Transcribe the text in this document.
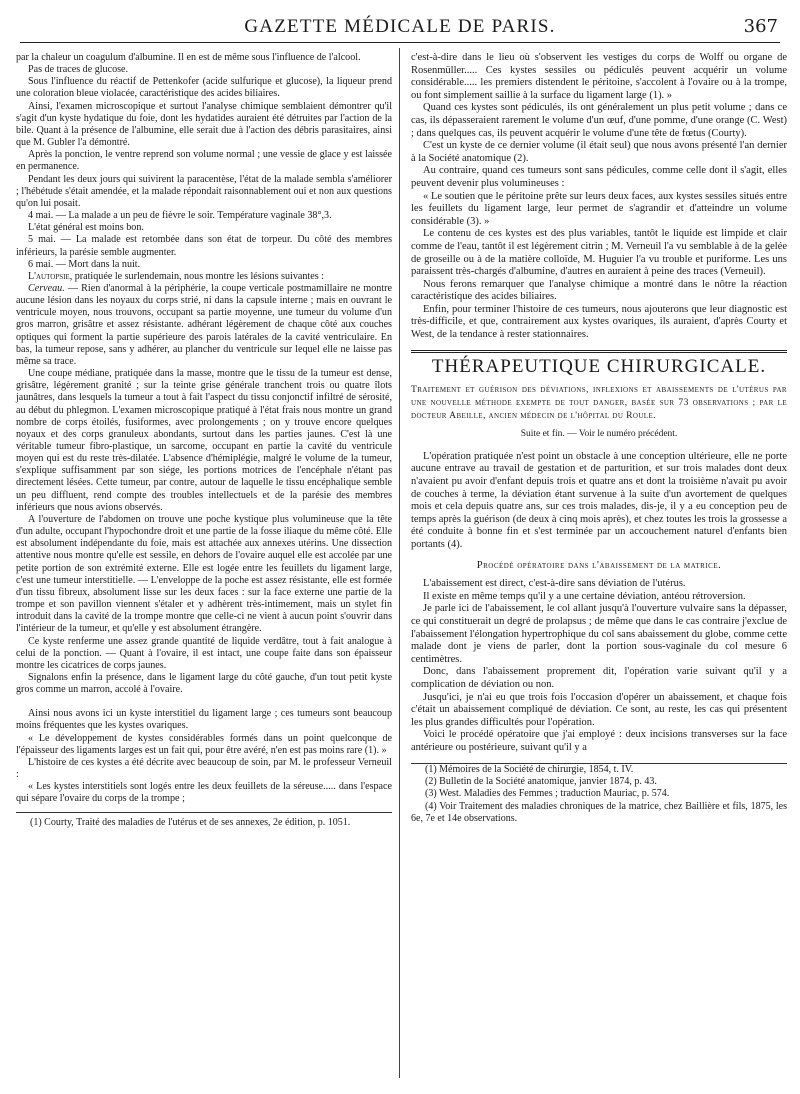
GAZETTE MÉDICALE DE PARIS.	367

par la chaleur un coagulum d'albumine. Il en est de même sous l'influence de l'alcool.

Pas de traces de glucose.

Sous l'influence du réactif de Pettenkofer (acide sulfurique et glucose), la liqueur prend une coloration bleue violacée, caractéristique des acides biliaires.

Ainsi, l'examen microscopique et surtout l'analyse chimique semblaient démontrer qu'il s'agit d'un kyste hydatique du foie, dont les hydatides auraient été détruites par l'action de la bile. Quant à la présence de l'albumine, elle serait due à l'action des débris parasitaires, ainsi que M. Gubler l'a démontré.

Après la ponction, le ventre reprend son volume normal ; une vessie de glace y est laissée en permanence.

Pendant les deux jours qui suivirent la paracentèse, l'état de la malade sembla s'améliorer ; l'hébétude s'était amendée, et la malade répondait raisonnablement oui et non aux questions qu'on lui posait.

4 mai. — La malade a un peu de fièvre le soir. Température vaginale 38°,3.

L'état général est moins bon.

5 mai. — La malade est retombée dans son état de torpeur. Du côté des membres inférieurs, la parésie semble augmenter.

6 mai. — Mort dans la nuit.

L'autopsie, pratiquée le surlendemain, nous montre les lésions suivantes :

Cerveau. — Rien d'anormal à la périphérie, la coupe verticale postmamillaire ne montre aucune lésion dans les noyaux du corps strié, ni dans la capsule interne ; mais en ouvrant le ventricule moyen, nous trouvons, occupant sa partie moyenne, une tumeur du volume d'un gros marron, grisâtre et assez résistante. adhérant légèrement de chaque côté aux couches optiques qui forment la partie supérieure des parois latérales de la cavité ventriculaire. En bas, la tumeur repose, sans y adhérer, au plancher du ventricule sur lequel elle ne laisse pas même sa trace.

Une coupe médiane, pratiquée dans la masse, montre que le tissu de la tumeur est dense, grisâtre, légèrement granité ; sur la teinte grise générale tranchent trois ou quatre îlots jaunâtres, dans lesquels la tumeur a tout à fait l'aspect du tissu conjonctif infiltré de sérosité, au début du phlegmon. L'examen microscopique pratiqué à l'état frais nous montre un grand nombre de corps étoilés, fusiformes, avec prolongements ; on y trouve encore quelques noyaux et des corps granuleux abondants, surtout dans les parties jaunes. C'est là une véritable tumeur fibro-plastique, un sarcome, occupant en partie la cavité du ventricule moyen qui est du reste très-dilatée. L'absence d'hémiplégie, malgré le volume de la tumeur, s'explique suffisamment par son siége, les portions motrices de l'encéphale n'étant pas directement lésées. Cette tumeur, par contre, autour de laquelle le tissu encéphalique semble un peu diffluent, rend compte des troubles intellectuels et de la parésie des membres inférieurs que nous avions observés.

A l'ouverture de l'abdomen on trouve une poche kystique plus volumineuse que la tête d'un adulte, occupant l'hypochondre droit et une partie de la fosse iliaque du même côté. Elle est absolument indépendante du foie, mais est attachée aux annexes utérins. Une dissection attentive nous montre qu'elle est sessile, en dehors de l'ovaire auquel elle est accolée par une petite portion de son extrémité externe. Elle est logée entre les feuillets du ligament large, c'est une tumeur interstitielle. — L'enveloppe de la poche est assez résistante, elle est formée d'un tissu fibreux, absolument lisse sur les deux faces : sur la face externe une partie de la trompe et son pavillon viennent s'étaler et y adhèrent très-intimement, mais un stylet fin introduit dans la cavité de la trompe montre que celle-ci ne vient à aucun point s'ouvrir dans l'intérieur de la tumeur, et qu'elle y est absolument étrangère.

Ce kyste renferme une assez grande quantité de liquide verdâtre, tout à fait analogue à celui de la ponction. — Quant à l'ovaire, il est intact, une coupe faite dans son épaisseur montre les cicatrices de corps jaunes.

Signalons enfin la présence, dans le ligament large du côté gauche, d'un tout petit kyste gros comme un marron, accolé à l'ovaire.

Ainsi nous avons ici un kyste interstitiel du ligament large ; ces tumeurs sont beaucoup moins fréquentes que les kystes ovariques.

« Le développement de kystes considérables formés dans un point quelconque de l'épaisseur des ligaments larges est un fait qui, pour être avéré, n'en est pas moins rare (1). »

L'histoire de ces kystes a été décrite avec beaucoup de soin, par M. le professeur Verneuil :

« Les kystes interstitiels sont logés entre les deux feuillets de la séreuse..... dans l'espace qui sépare l'ovaire du corps de la trompe ;

(1) Courty, Traité des maladies de l'utérus et de ses annexes, 2e édition, p. 1051.

c'est-à-dire dans le lieu où s'observent les vestiges du corps de Wolff ou organe de Rosenmüller..... Ces kystes sessiles ou pédiculés peuvent acquérir un volume considérable..... les premiers distendent le péritoine, s'accolent à l'ovaire ou à la trompe, ou font simplement saillie à la surface du ligament large (1). »

Quand ces kystes sont pédiculés, ils ont généralement un plus petit volume ; dans ce cas, ils dépasseraient rarement le volume d'un œuf, d'une pomme, d'une orange (C. West) ; dans quelques cas, ils peuvent acquérir le volume d'une tête de fœtus (Courty).

C'est un kyste de ce dernier volume (il était seul) que nous avons présenté l'an dernier à la Société anatomique (2).

Au contraire, quand ces tumeurs sont sans pédicules, comme celle dont il s'agit, elles peuvent devenir plus volumineuses :

« Le soutien que le péritoine prête sur leurs deux faces, aux kystes sessiles situés entre les feuillets du ligament large, leur permet de s'agrandir et d'atteindre un volume considérable (3). »

Le contenu de ces kystes est des plus variables, tantôt le liquide est limpide et clair comme de l'eau, tantôt il est légèrement citrin ; M. Verneuil l'a vu semblable à de la gelée de groseille ou à de la matière colloïde, M. Huguier l'a vu trouble et puriforme. Les uns paraissent très-chargés d'albumine, d'autres en auraient à peine des traces (Verneuil).

Nous ferons remarquer que l'analyse chimique a montré dans le nôtre la réaction caractéristique des acides biliaires.

Enfin, pour terminer l'histoire de ces tumeurs, nous ajouterons que leur diagnostic est très-difficile, et que, contrairement aux kystes ovariques, ils auraient, d'après Courty et West, de la tendance à rester stationnaires.

THÉRAPEUTIQUE CHIRURGICALE.
Traitement et guérison des déviations, inflexions et abaissements de l'utérus par une nouvelle méthode exempte de tout danger, basée sur 73 observations ; par le docteur Abeille, ancien médecin de l'hôpital du Roule.
Suite et fin. — Voir le numéro précédent.

L'opération pratiquée n'est point un obstacle à une conception ultérieure, elle ne porte aucune entrave au travail de gestation et de parturition, et sur trois malades dont deux n'avaient pu avoir d'enfant depuis trois et quatre ans et dont la troisième n'avait pu avoir de couches à terme, la déviation étant survenue à la suite d'un avortement de quelques mois et cela depuis quatre ans, sur ces trois malades, dis-je, il y a eu conception peu de temps après la guérison (de deux à cinq mois après), et chez toutes les trois la grossesse a été conduite à bonne fin et s'est terminée par un accouchement naturel d'enfants bien portants (4).

Procédé opératoire dans l'abaissement de la matrice.

L'abaissement est direct, c'est-à-dire sans déviation de l'utérus.

Il existe en même temps qu'il y a une certaine déviation, antéou rétroversion.

Je parle ici de l'abaissement, le col allant jusqu'à l'ouverture vulvaire sans la dépasser, ce qui constituerait un degré de prolapsus ; de même que dans le cas contraire j'exclue de l'abaissement l'élongation hypertrophique du col sans abaissement du globe, comme cette malade dont je viens de parler, dont la portion sous-vaginale du col mesure 6 centimètres.

Donc, dans l'abaissement proprement dit, l'opération varie suivant qu'il y a complication de déviation ou non.

Jusqu'ici, je n'ai eu que trois fois l'occasion d'opérer un abaissement, et chaque fois c'était un abaissement compliqué de déviation. Ce sont, au reste, les cas qui présentent les plus grandes difficultés pour l'opération.

Voici le procédé opératoire que j'ai employé : deux incisions transverses sur la face antérieure ou postérieure, suivant qu'il y a

(1) Mémoires de la Société de chirurgie, 1854, t. IV.

(2) Bulletin de la Société anatomique, janvier 1874, p. 43.

(3) West. Maladies des Femmes ; traduction Mauriac, p. 574.

(4) Voir Traitement des maladies chroniques de la matrice, chez Baillière et fils, 1875, les 6e, 7e et 14e observations.
